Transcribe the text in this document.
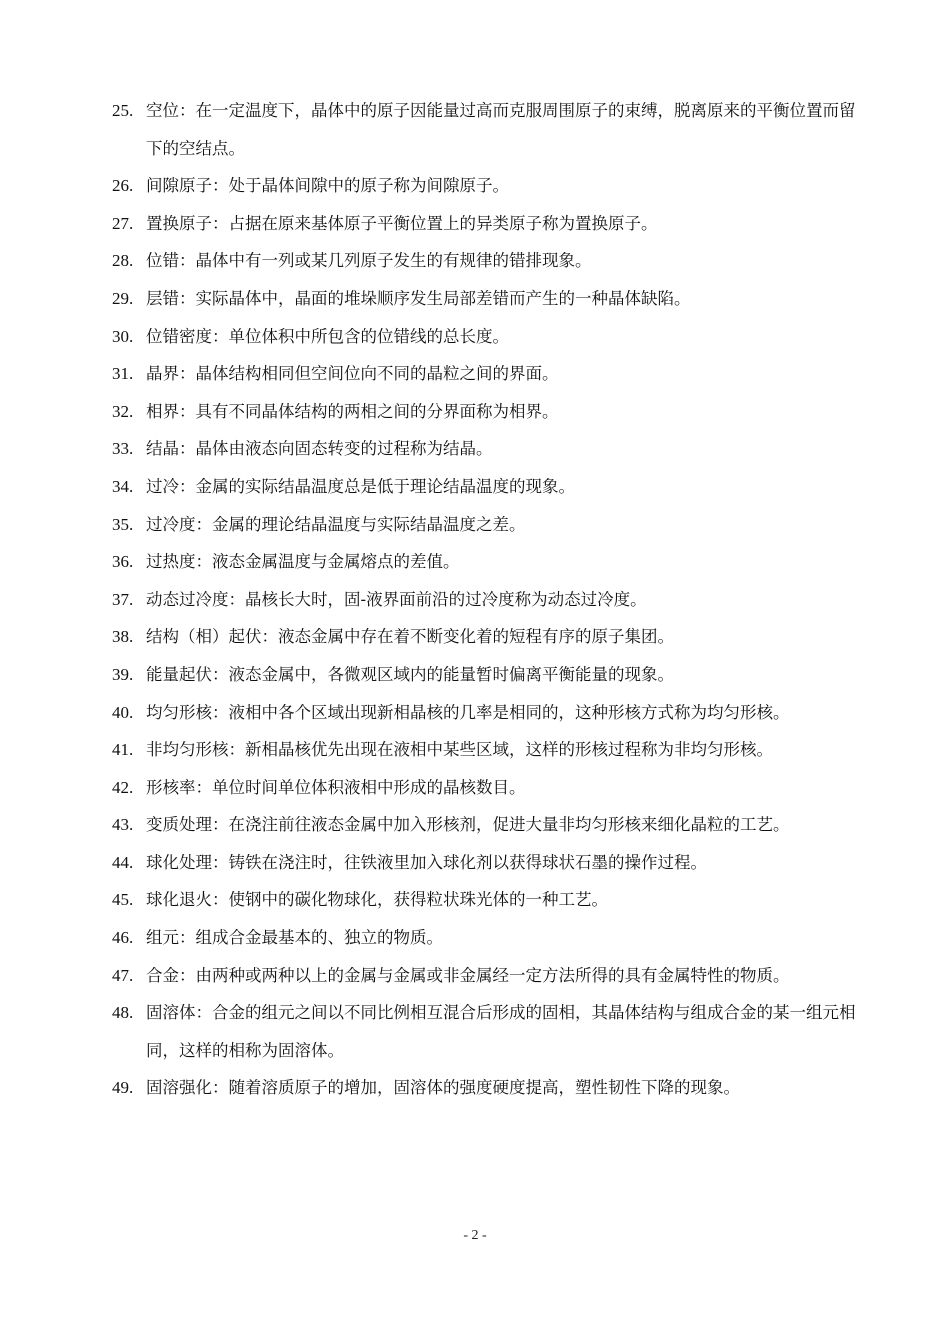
25. 空位：在一定温度下，晶体中的原子因能量过高而克服周围原子的束缚，脱离原来的平衡位置而留下的空结点。
26. 间隙原子：处于晶体间隙中的原子称为间隙原子。
27. 置换原子：占据在原来基体原子平衡位置上的异类原子称为置换原子。
28. 位错：晶体中有一列或某几列原子发生的有规律的错排现象。
29. 层错：实际晶体中，晶面的堆垛顺序发生局部差错而产生的一种晶体缺陷。
30. 位错密度：单位体积中所包含的位错线的总长度。
31. 晶界：晶体结构相同但空间位向不同的晶粒之间的界面。
32. 相界：具有不同晶体结构的两相之间的分界面称为相界。
33. 结晶：晶体由液态向固态转变的过程称为结晶。
34. 过冷：金属的实际结晶温度总是低于理论结晶温度的现象。
35. 过冷度：金属的理论结晶温度与实际结晶温度之差。
36. 过热度：液态金属温度与金属熔点的差值。
37. 动态过冷度：晶核长大时，固-液界面前沿的过冷度称为动态过冷度。
38. 结构（相）起伏：液态金属中存在着不断变化着的短程有序的原子集团。
39. 能量起伏：液态金属中，各微观区域内的能量暂时偏离平衡能量的现象。
40. 均匀形核：液相中各个区域出现新相晶核的几率是相同的，这种形核方式称为均匀形核。
41. 非均匀形核：新相晶核优先出现在液相中某些区域，这样的形核过程称为非均匀形核。
42. 形核率：单位时间单位体积液相中形成的晶核数目。
43. 变质处理：在浇注前往液态金属中加入形核剂，促进大量非均匀形核来细化晶粒的工艺。
44. 球化处理：铸铁在浇注时，往铁液里加入球化剂以获得球状石墨的操作过程。
45. 球化退火：使钢中的碳化物球化，获得粒状珠光体的一种工艺。
46. 组元：组成合金最基本的、独立的物质。
47. 合金：由两种或两种以上的金属与金属或非金属经一定方法所得的具有金属特性的物质。
48. 固溶体：合金的组元之间以不同比例相互混合后形成的固相，其晶体结构与组成合金的某一组元相同，这样的相称为固溶体。
49. 固溶强化：随着溶质原子的增加，固溶体的强度硬度提高，塑性韧性下降的现象。
- 2 -
